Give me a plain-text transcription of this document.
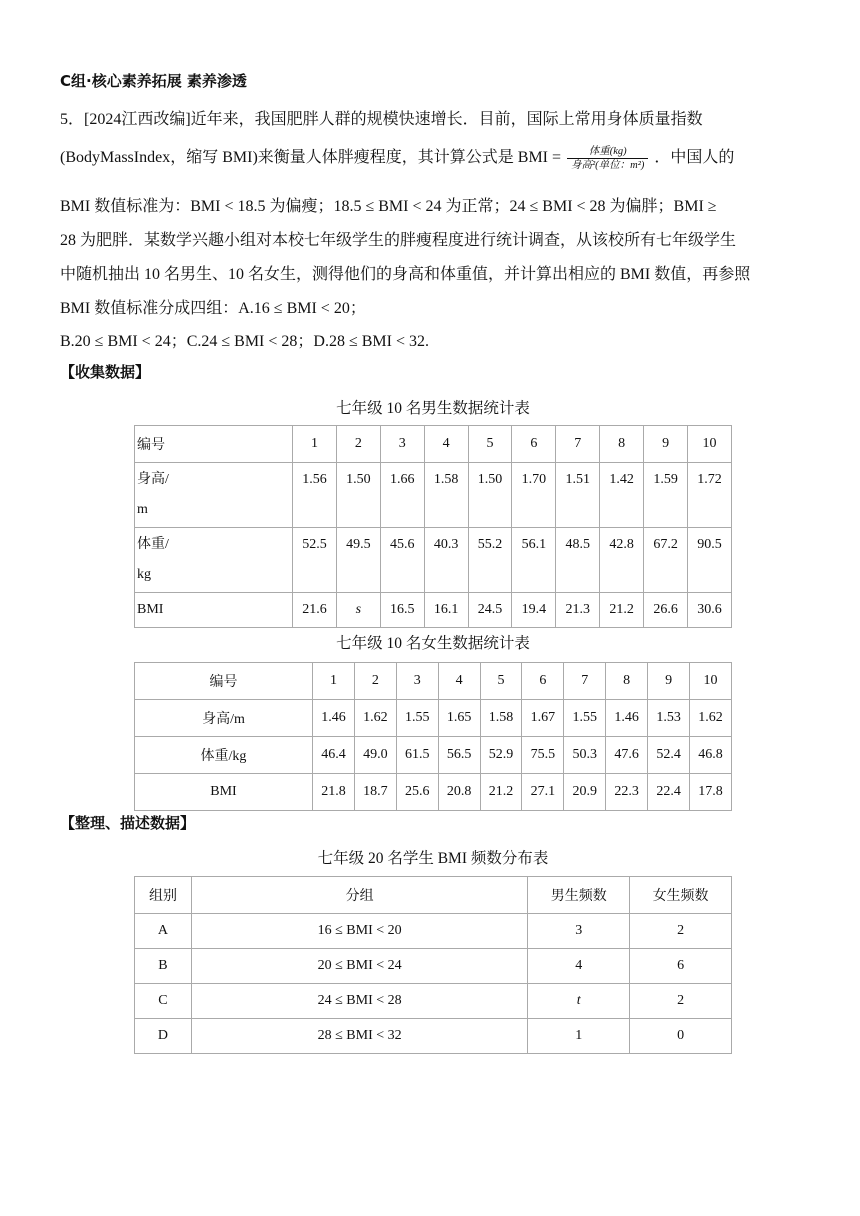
C组·核心素养拓展 素养渗透
5．[2024江西改编]近年来，我国肥胖人群的规模快速增长．目前，国际上常用身体质量指数
(BodyMassIndex，缩写 BMI)来衡量人体胖瘦程度，其计算公式是 BMI = $\frac{\text{体重(kg)}}{\text{身高²(单位：m²)}}$ ．中国人的
BMI 数值标准为：BMI < 18.5 为偏瘦；18.5 ≤ BMI < 24 为正常；24 ≤ BMI < 28 为偏胖；BMI ≥
28 为肥胖．某数学兴趣小组对本校七年级学生的胖瘦程度进行统计调查，从该校所有七年级学生
中随机抽出 10 名男生、10 名女生，测得他们的身高和体重值，并计算出相应的 BMI 数值，再参照
BMI 数值标准分成四组：A.16 ≤ BMI < 20；
B.20 ≤ BMI < 24；C.24 ≤ BMI < 28；D.28 ≤ BMI < 32.
【收集数据】
七年级 10 名男生数据统计表
编号	1	2	3	4	5	6	7	8	9	10
身高/
m	1.56	1.50	1.66	1.58	1.50	1.70	1.51	1.42	1.59	1.72
体重/
kg	52.5	49.5	45.6	40.3	55.2	56.1	48.5	42.8	67.2	90.5
BMI	21.6	s	16.5	16.1	24.5	19.4	21.3	21.2	26.6	30.6
七年级 10 名女生数据统计表
编号	1	2	3	4	5	6	7	8	9	10
身高/m	1.46	1.62	1.55	1.65	1.58	1.67	1.55	1.46	1.53	1.62
体重/kg	46.4	49.0	61.5	56.5	52.9	75.5	50.3	47.6	52.4	46.8
BMI	21.8	18.7	25.6	20.8	21.2	27.1	20.9	22.3	22.4	17.8
【整理、描述数据】
七年级 20 名学生 BMI 频数分布表
组别	分组	男生频数	女生频数
A	16 ≤ BMI < 20	3	2
B	20 ≤ BMI < 24	4	6
C	24 ≤ BMI < 28	t	2
D	28 ≤ BMI < 32	1	0
